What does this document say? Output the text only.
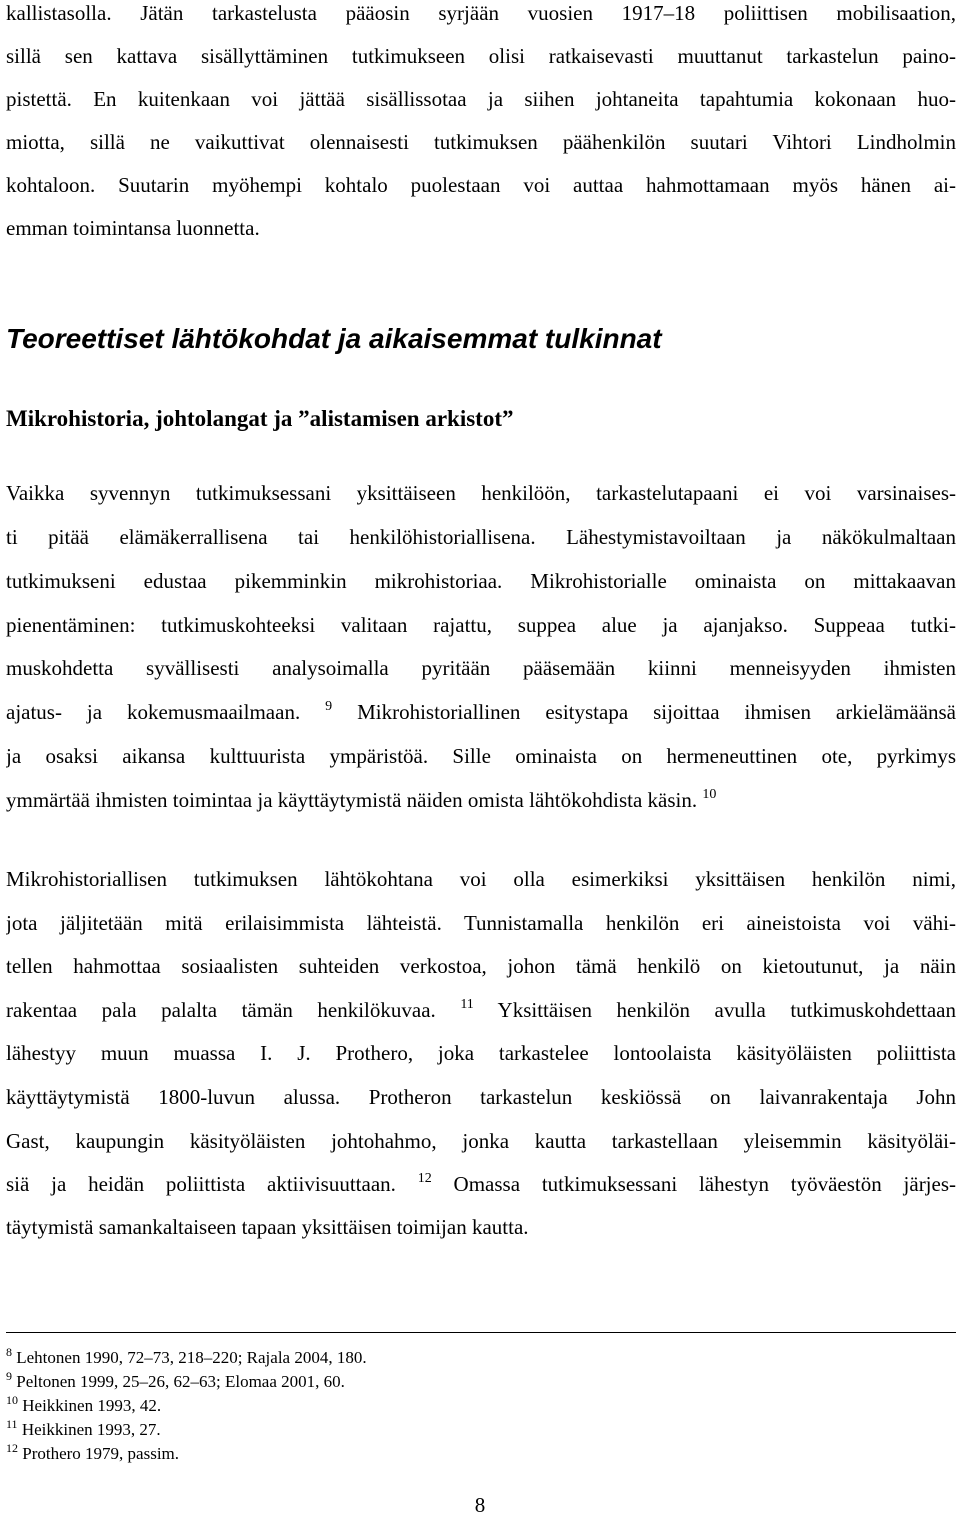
kallistasolla. Jätän tarkastelusta pääosin syrjään vuosien 1917–18 poliittisen mobilisaation,
sillä sen kattava sisällyttäminen tutkimukseen olisi ratkaisevasti muuttanut tarkastelun paino-
pistettä. En kuitenkaan voi jättää sisällissotaa ja siihen johtaneita tapahtumia kokonaan huo-
miotta, sillä ne vaikuttivat olennaisesti tutkimuksen päähenkilön suutari Vihtori Lindholmin
kohtaloon. Suutarin myöhempi kohtalo puolestaan voi auttaa hahmottamaan myös hänen ai-
emman toimintansa luonnetta.
Teoreettiset lähtökohdat ja aikaisemmat tulkinnat
Mikrohistoria, johtolangat ja ”alistamisen arkistot”
Vaikka syvennyn tutkimuksessani yksittäiseen henkilöön, tarkastelutapaani ei voi varsinaises-
ti pitää elämäkerrallisena tai henkilöhistoriallisena. Lähestymistavoiltaan ja näkökulmaltaan
tutkimukseni edustaa pikemminkin mikrohistoriaa. Mikrohistorialle ominaista on mittakaavan
pienentäminen: tutkimuskohteeksi valitaan rajattu, suppea alue ja ajanjakso. Suppeaa tutki-
muskohdetta syvällisesti analysoimalla pyritään pääsemään kiinni menneisyyden ihmisten
ajatus- ja kokemusmaailmaan. $^9$ Mikrohistoriallinen esitystapa sijoittaa ihmisen arkielämäänsä
ja osaksi aikansa kulttuurista ympäristöä. Sille ominaista on hermeneuttinen ote, pyrkimys
ymmärtää ihmisten toimintaa ja käyttäytymistä näiden omista lähtökohdista käsin. $^{10}$
Mikrohistoriallisen tutkimuksen lähtökohtana voi olla esimerkiksi yksittäisen henkilön nimi,
jota jäljitetään mitä erilaisimmista lähteistä. Tunnistamalla henkilön eri aineistoista voi vähi-
tellen hahmottaa sosiaalisten suhteiden verkostoa, johon tämä henkilö on kietoutunut, ja näin
rakentaa pala palalta tämän henkilökuvaa. $^{11}$ Yksittäisen henkilön avulla tutkimuskohdettaan
lähestyy muun muassa I. J. Prothero, joka tarkastelee lontoolaista käsityöläisten poliittista
käyttäytymistä 1800-luvun alussa. Protheron tarkastelun keskiössä on laivanrakentaja John
Gast, kaupungin käsityöläisten johtohahmo, jonka kautta tarkastellaan yleisemmin käsityöläi-
siä ja heidän poliittista aktiivisuuttaan. $^{12}$ Omassa tutkimuksessani lähestyn työväestön järjes-
täytymistä samankaltaiseen tapaan yksittäisen toimijan kautta.
$^8$ Lehtonen 1990, 72–73, 218–220; Rajala 2004, 180.
$^9$ Peltonen 1999, 25–26, 62–63; Elomaa 2001, 60.
$^{10}$ Heikkinen 1993, 42.
$^{11}$ Heikkinen 1993, 27.
$^{12}$ Prothero 1979, passim.
8
